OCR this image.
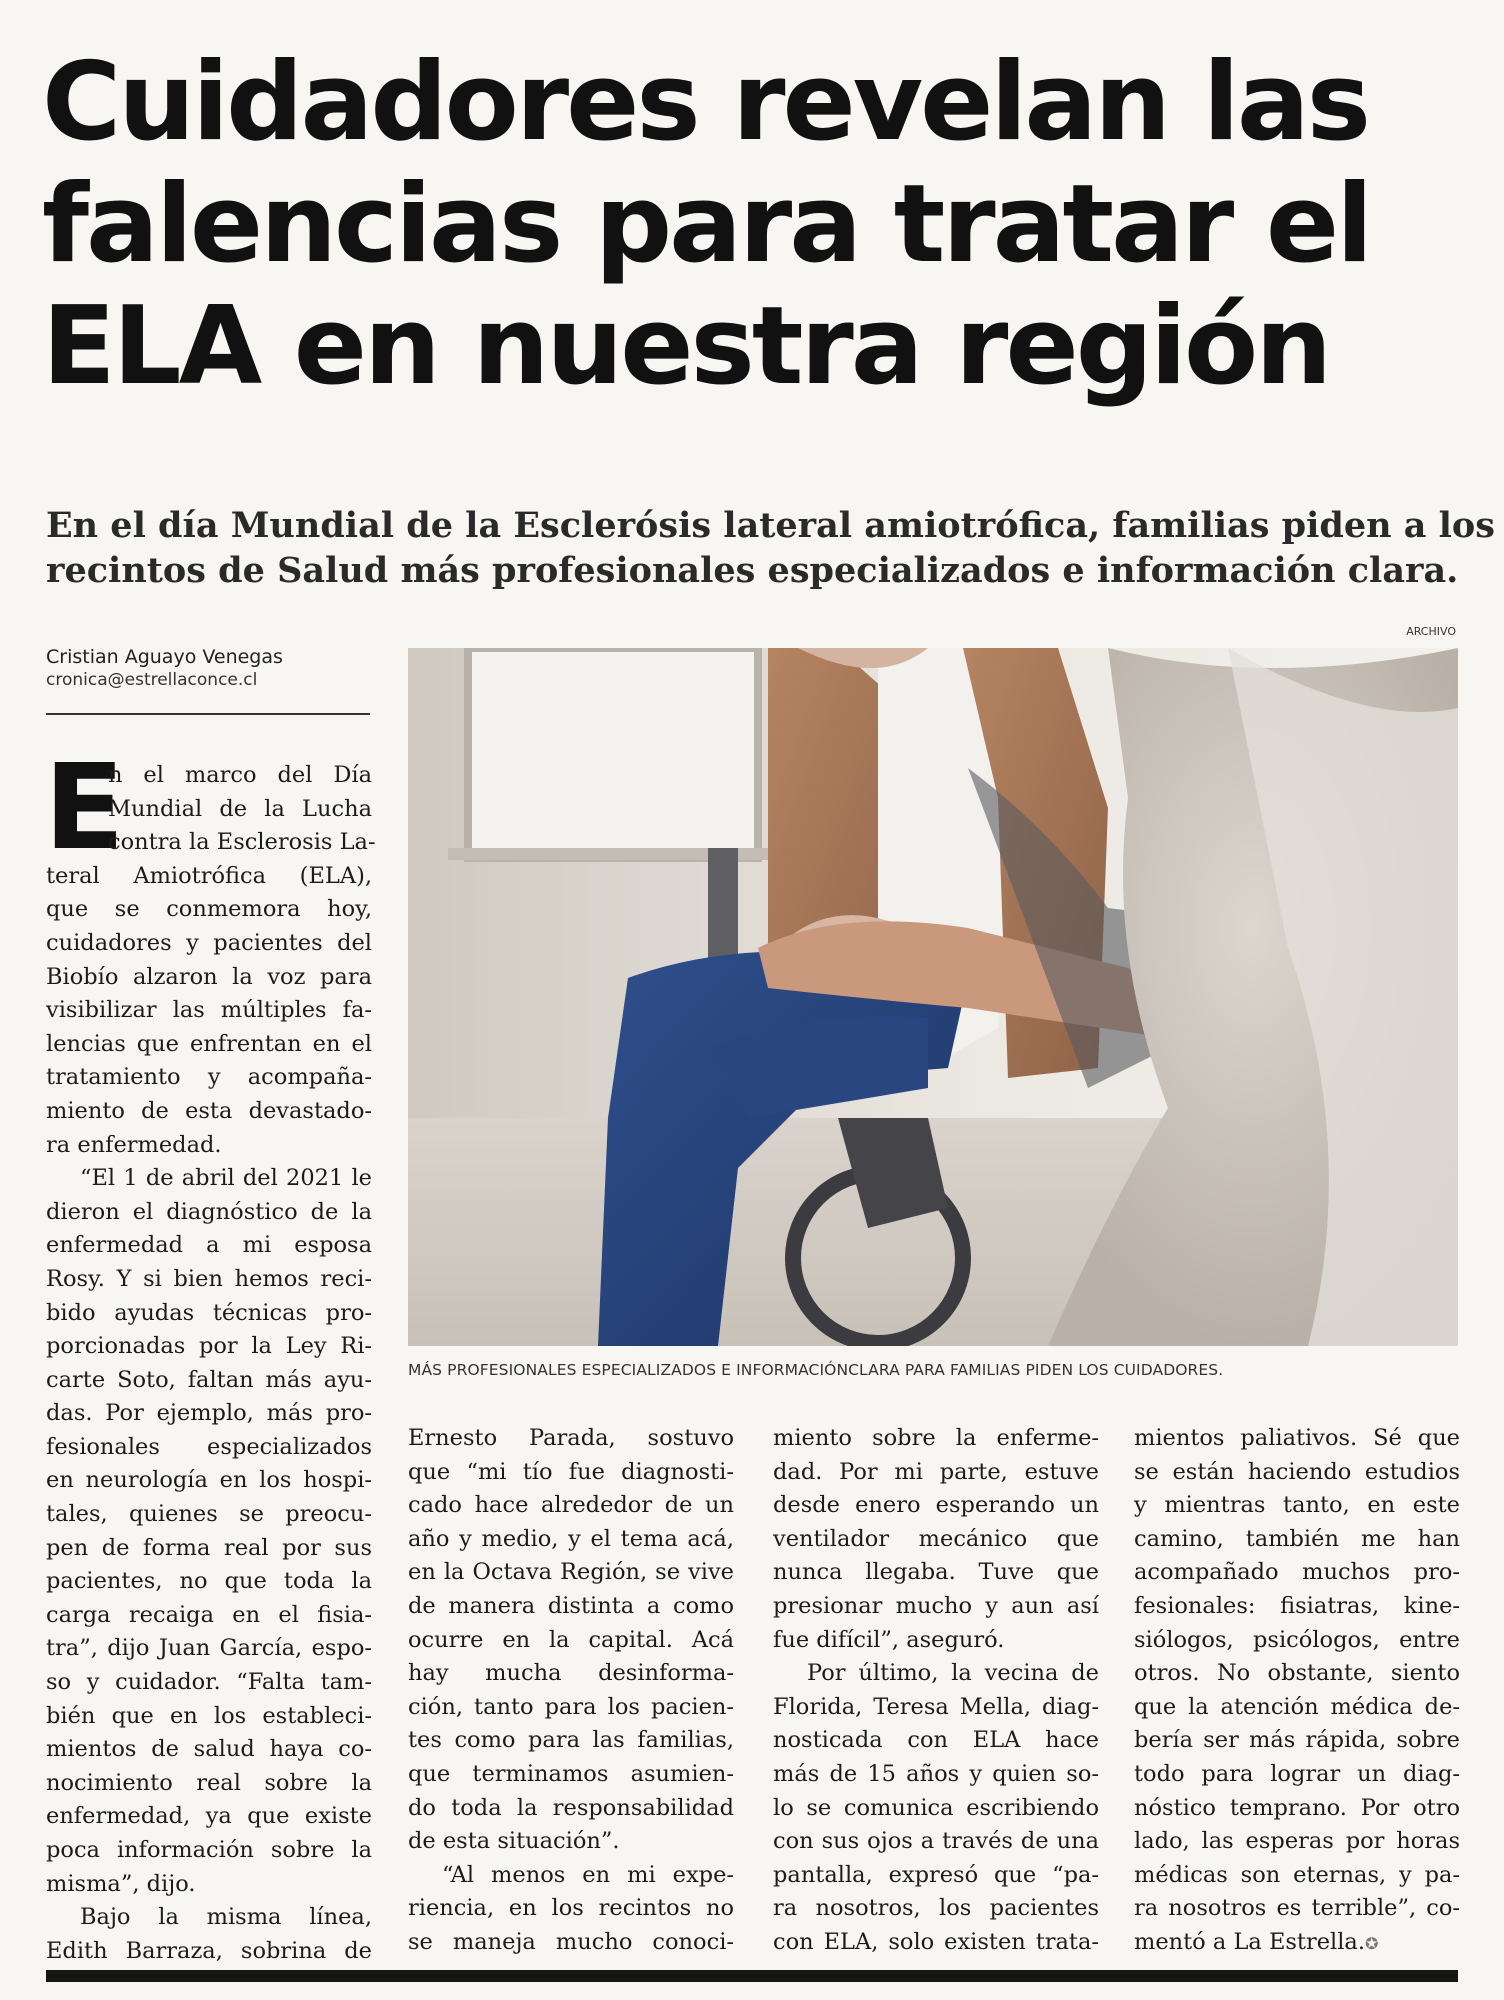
Cuidadores revelan las
falencias para tratar el
ELA en nuestra región

En el día Mundial de la Esclerósis lateral amiotrófica, familias piden a los
recintos de Salud más profesionales especializados e información clara.

ARCHIVO
Cristian Aguayo Venegas
cronica@estrellaconce.cl
MÁS PROFESIONALES ESPECIALIZADOS E INFORMACIÓNCLARA PARA FAMILIAS PIDEN LOS CUIDADORES.
E
n el marco del Día
Mundial de la Lucha
contra la Esclerosis La-
teral Amiotrófica (ELA),
que se conmemora hoy,
cuidadores y pacientes del
Biobío alzaron la voz para
visibilizar las múltiples fa-
lencias que enfrentan en el
tratamiento y acompaña-
miento de esta devastado-
ra enfermedad.
“El 1 de abril del 2021 le
dieron el diagnóstico de la
enfermedad a mi esposa
Rosy. Y si bien hemos reci-
bido ayudas técnicas pro-
porcionadas por la Ley Ri-
carte Soto, faltan más ayu-
das. Por ejemplo, más pro-
fesionales especializados
en neurología en los hospi-
tales, quienes se preocu-
pen de forma real por sus
pacientes, no que toda la
carga recaiga en el fisia-
tra”, dijo Juan García, espo-
so y cuidador. “Falta tam-
bién que en los estableci-
mientos de salud haya co-
nocimiento real sobre la
enfermedad, ya que existe
poca información sobre la
misma”, dijo.
Bajo la misma línea,
Edith Barraza, sobrina de
Ernesto Parada, sostuvo
que “mi tío fue diagnosti-
cado hace alrededor de un
año y medio, y el tema acá,
en la Octava Región, se vive
de manera distinta a como
ocurre en la capital. Acá
hay mucha desinforma-
ción, tanto para los pacien-
tes como para las familias,
que terminamos asumien-
do toda la responsabilidad
de esta situación”.
“Al menos en mi expe-
riencia, en los recintos no
se maneja mucho conoci-
miento sobre la enferme-
dad. Por mi parte, estuve
desde enero esperando un
ventilador mecánico que
nunca llegaba. Tuve que
presionar mucho y aun así
fue difícil”, aseguró.
Por último, la vecina de
Florida, Teresa Mella, diag-
nosticada con ELA hace
más de 15 años y quien so-
lo se comunica escribiendo
con sus ojos a través de una
pantalla, expresó que “pa-
ra nosotros, los pacientes
con ELA, solo existen trata-
mientos paliativos. Sé que
se están haciendo estudios
y mientras tanto, en este
camino, también me han
acompañado muchos pro-
fesionales: fisiatras, kine-
siólogos, psicólogos, entre
otros. No obstante, siento
que la atención médica de-
bería ser más rápida, sobre
todo para lograr un diag-
nóstico temprano. Por otro
lado, las esperas por horas
médicas son eternas, y pa-
ra nosotros es terrible”, co-
mentó a La Estrella.✪
